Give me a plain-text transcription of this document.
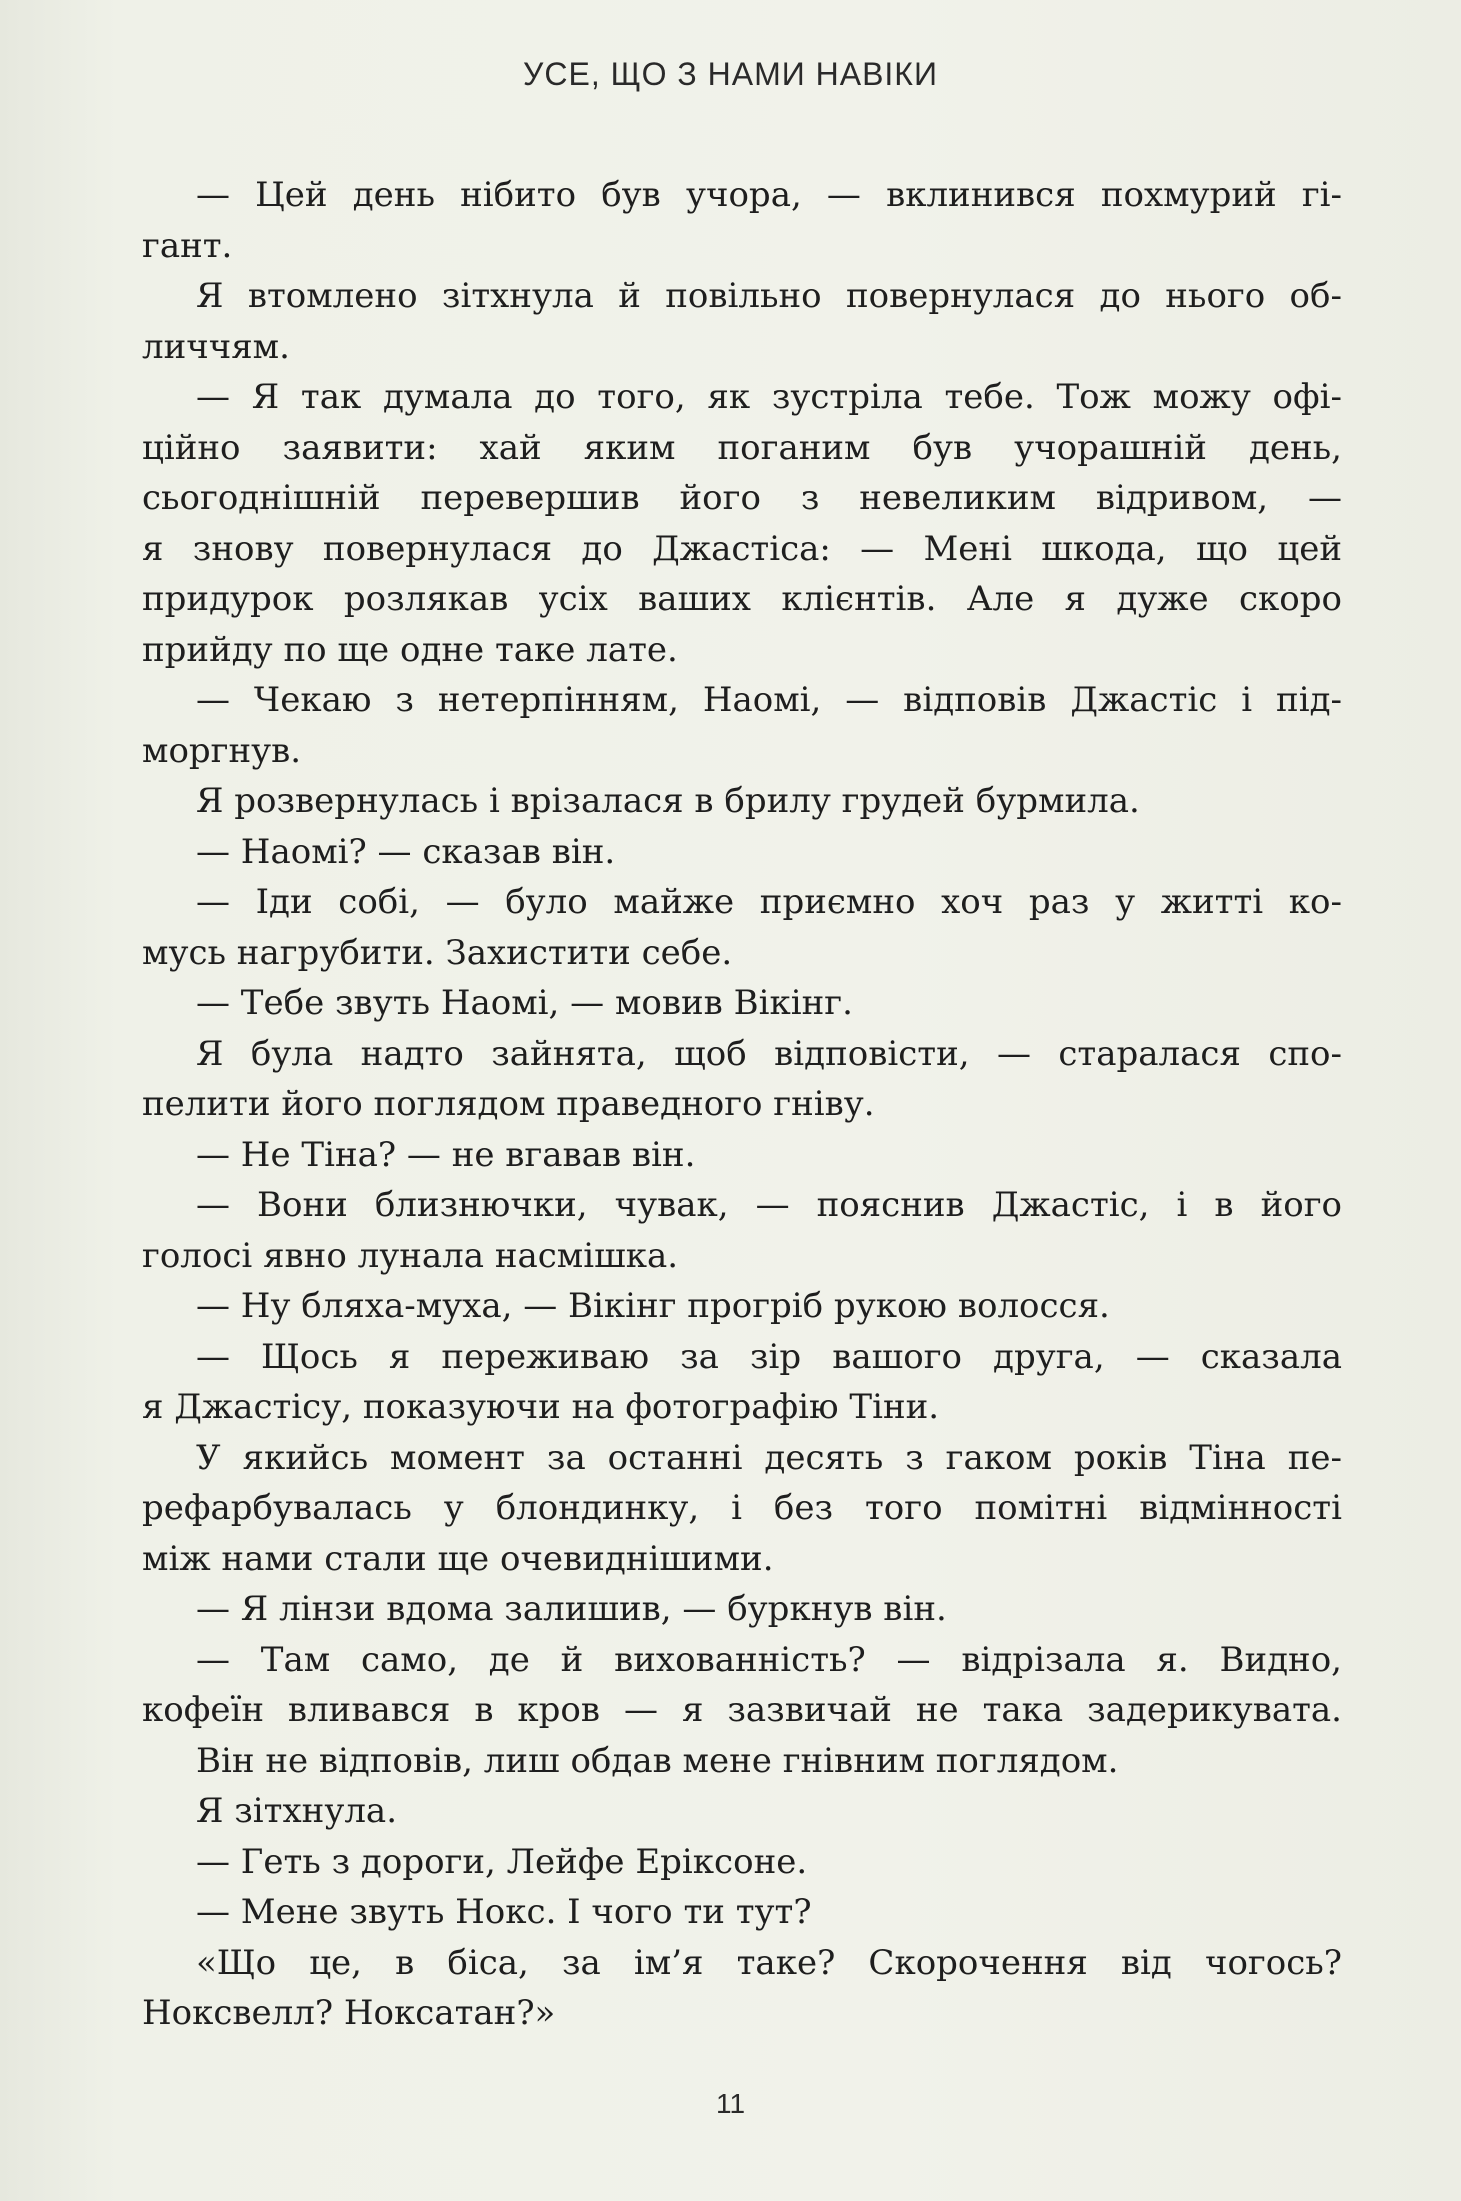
УСЕ, ЩО З НАМИ НАВІКИ
— Цей день нібито був учора, — вклинився похмурий гі-
гант.
Я втомлено зітхнула й повільно повернулася до нього об-
личчям.
— Я так думала до того, як зустріла тебе. Тож можу офі-
ційно заявити: хай яким поганим був учорашній день,
сьогоднішній перевершив його з невеликим відривом, —
я знову повернулася до Джастіса: — Мені шкода, що цей
придурок розлякав усіх ваших клієнтів. Але я дуже скоро
прийду по ще одне таке лате.
— Чекаю з нетерпінням, Наомі, — відповів Джастіс і під-
моргнув.
Я розвернулась і врізалася в брилу грудей бурмила.
— Наомі? — сказав він.
— Іди собі, — було майже приємно хоч раз у житті ко-
мусь нагрубити. Захистити себе.
— Тебе звуть Наомі, — мовив Вікінг.
Я була надто зайнята, щоб відповісти, — старалася спо-
пелити його поглядом праведного гніву.
— Не Тіна? — не вгавав він.
— Вони близнючки, чувак, — пояснив Джастіс, і в його
голосі явно лунала насмішка.
— Ну бляха-муха, — Вікінг прогріб рукою волосся.
— Щось я переживаю за зір вашого друга, — сказала
я Джастісу, показуючи на фотографію Тіни.
У якийсь момент за останні десять з гаком років Тіна пе-
рефарбувалась у блондинку, і без того помітні відмінності
між нами стали ще очевиднішими.
— Я лінзи вдома залишив, — буркнув він.
— Там само, де й вихованність? — відрізала я. Видно,
кофеїн вливався в кров — я зазвичай не така задерикувата.
Він не відповів, лиш обдав мене гнівним поглядом.
Я зітхнула.
— Геть з дороги, Лейфе Еріксоне.
— Мене звуть Нокс. І чого ти тут?
«Що це, в біса, за ім’я таке? Скорочення від чогось?
Ноксвелл? Ноксатан?»
11
